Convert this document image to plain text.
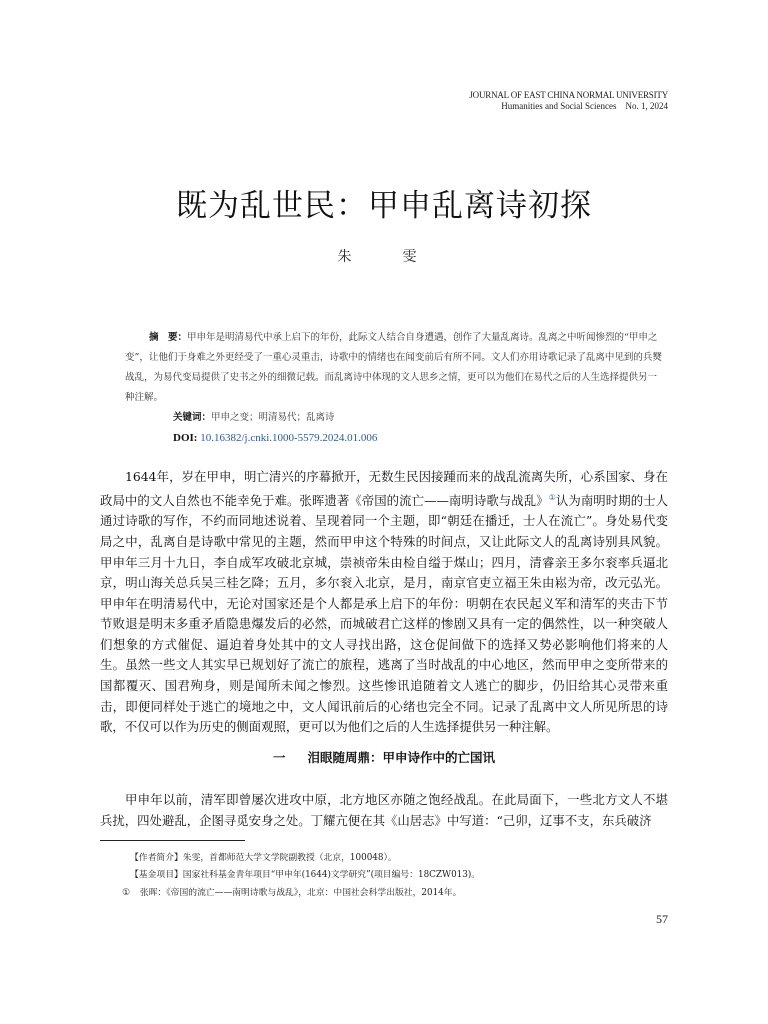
JOURNAL OF EAST CHINA NORMAL UNIVERSITY
Humanities and Social Sciences    No. 1, 2024
既为乱世民：甲申乱离诗初探
朱  雯

摘　要：甲申年是明清易代中承上启下的年份，此际文人结合自身遭遇，创作了大量乱离诗。乱离之中听闻惨烈的“甲申之变”，让他们于身难之外更经受了一重心灵重击，诗歌中的情绪也在闻变前后有所不同。文人们亦用诗歌记录了乱离中见到的兵燹战乱，为易代变局提供了史书之外的细微记载。而乱离诗中体现的文人思乡之情，更可以为他们在易代之后的人生选择提供另一种注解。

关键词：甲申之变；明清易代；乱离诗

DOI: 10.16382/j.cnki.1000-5579.2024.01.006

1644年，岁在甲申，明亡清兴的序幕掀开，无数生民因接踵而来的战乱流离失所，心系国家、身在政局中的文人自然也不能幸免于难。张晖遗著《帝国的流亡——南明诗歌与战乱》①认为南明时期的士人通过诗歌的写作，不约而同地述说着、呈现着同一个主题，即“朝廷在播迁，士人在流亡”。身处易代变局之中，乱离自是诗歌中常见的主题，然而甲申这个特殊的时间点，又让此际文人的乱离诗别具风貌。甲申年三月十九日，李自成军攻破北京城，崇祯帝朱由检自缢于煤山；四月，清睿亲王多尔衮率兵逼北京，明山海关总兵吴三桂乞降；五月，多尔衮入北京，是月，南京官吏立福王朱由崧为帝，改元弘光。甲申年在明清易代中，无论对国家还是个人都是承上启下的年份：明朝在农民起义军和清军的夹击下节节败退是明末多重矛盾隐患爆发后的必然，而城破君亡这样的惨剧又具有一定的偶然性，以一种突破人们想象的方式催促、逼迫着身处其中的文人寻找出路，这仓促间做下的选择又势必影响他们将来的人生。虽然一些文人其实早已规划好了流亡的旅程，逃离了当时战乱的中心地区，然而甲申之变所带来的国都覆灭、国君殉身，则是闻所未闻之惨烈。这些惨讯追随着文人逃亡的脚步，仍旧给其心灵带来重击，即便同样处于逃亡的境地之中，文人闻讯前后的心绪也完全不同。记录了乱离中文人所见所思的诗歌，不仅可以作为历史的侧面观照，更可以为他们之后的人生选择提供另一种注解。

一 泪眼随周鼎：甲申诗作中的亡国讯

甲申年以前，清军即曾屡次进攻中原，北方地区亦随之饱经战乱。在此局面下，一些北方文人不堪兵扰，四处避乱，企图寻觅安身之处。丁耀亢便在其《山居志》中写道：“己卯，辽事不支，东兵破济

【作者简介】朱雯，首都师范大学文学院副教授（北京，100048）。
【基金项目】国家社科基金青年项目“甲申年(1644)文学研究”(项目编号：18CZW013)。
① 张晖：《帝国的流亡——南明诗歌与战乱》，北京：中国社会科学出版社，2014年。
57
